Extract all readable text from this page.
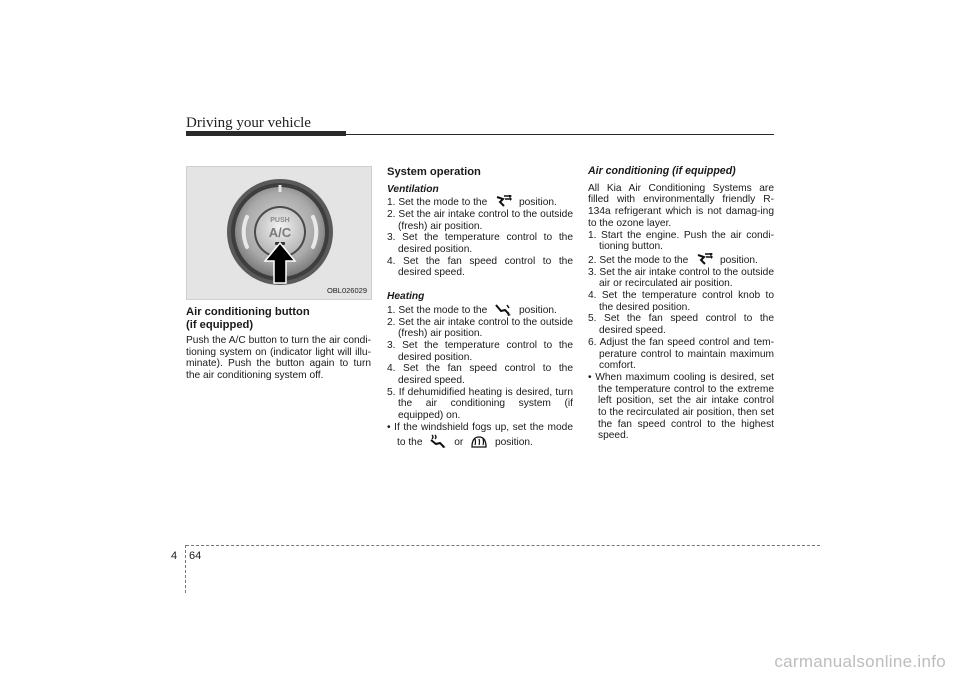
Driving your vehicle
PUSH
A/C
OBL026029
Air conditioning button
(if equipped)

Push the A/C button to turn the air condi-tioning system on (indicator light will illu-minate). Push the button again to turn the air conditioning system off.

System operation
Ventilation
1. Set the mode to the	position.
2. Set the air intake control to the outside (fresh) air position.
3. Set the temperature control to the desired position.
4. Set the fan speed control to the desired speed.
Heating
1. Set the mode to the	position.
2. Set the air intake control to the outside (fresh) air position.
3. Set the temperature control to the desired position.
4. Set the fan speed control to the desired speed.
5. If dehumidified heating is desired, turn the air conditioning system (if equipped) on.
• If the windshield fogs up, set the mode to the	or	position.
Air conditioning (if equipped)

All Kia Air Conditioning Systems are filled with environmentally friendly R-134a refrigerant which is not damag-ing to the ozone layer.

1. Start the engine. Push the air condi-tioning button.
2. Set the mode to the	position.
3. Set the air intake control to the outside air or recirculated air position.
4. Set the temperature control knob to the desired position.
5. Set the fan speed control to the desired speed.
6. Adjust the fan speed control and tem-perature control to maintain maximum comfort.
• When maximum cooling is desired, set the temperature control to the extreme left position, set the air intake control to the recirculated air position, then set the fan speed control to the highest speed.
4 64
carmanualsonline.info
